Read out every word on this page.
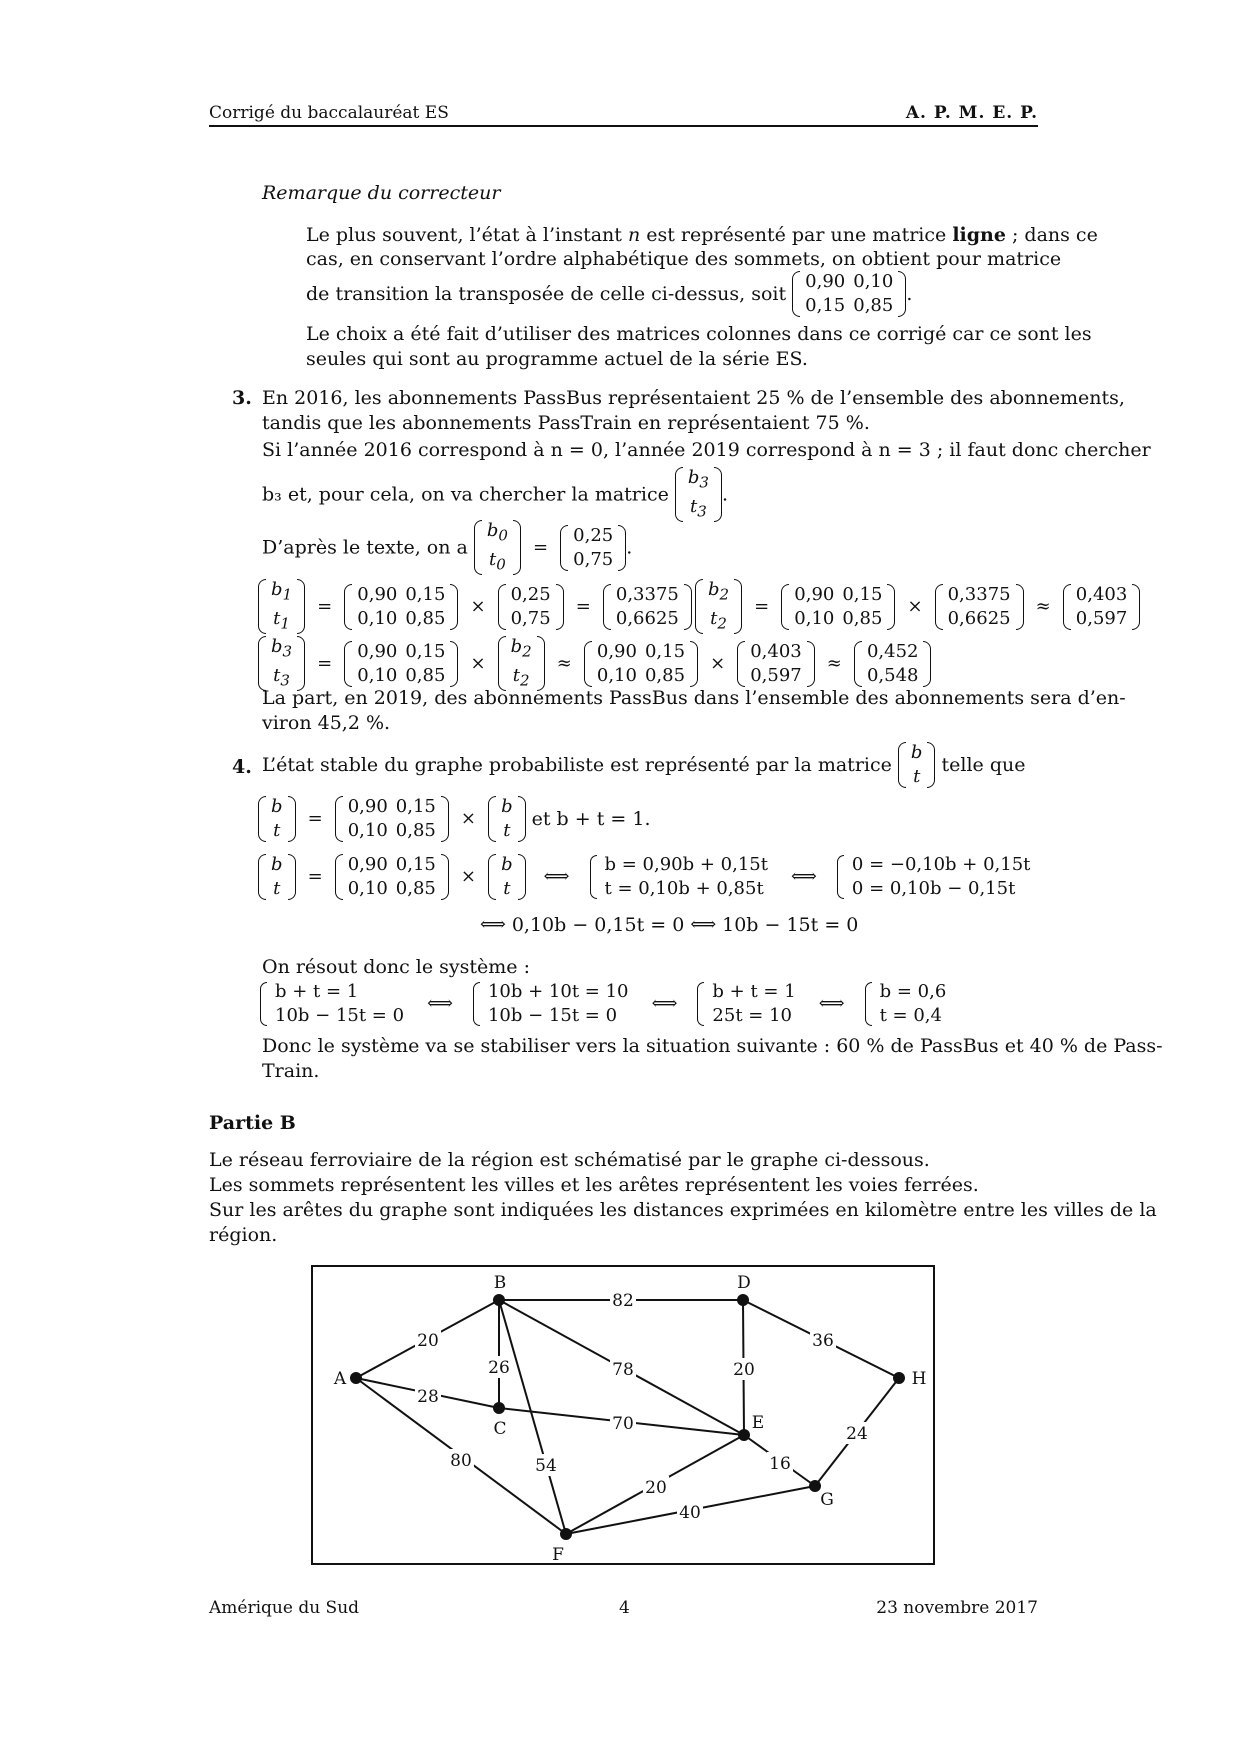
Corrigé du baccalauréat ES	A. P. M. E. P.
Remarque du correcteur
Le plus souvent, l’état à l’instant n est représenté par une matrice ligne ; dans ce
cas, en conservant l’ordre alphabétique des sommets, on obtient pour matrice
de transition la transposée de celle ci-dessus, soit
0,90	0,10
0,15	0,85
.
Le choix a été fait d’utiliser des matrices colonnes dans ce corrigé car ce sont les
seules qui sont au programme actuel de la série ES.
3. En 2016, les abonnements PassBus représentaient 25 % de l’ensemble des abonnements,
tandis que les abonnements PassTrain en représentaient 75 %.
Si l’année 2016 correspond à n = 0, l’année 2019 correspond à n = 3 ; il faut donc chercher
b₃ et, pour cela, on va chercher la matrice
$b_3$
$t_3$
.
D’après le texte, on a
$b_0$
$t_0$
=
0,25
0,75
.
$b_1$
$t_1$
=
0,90	0,15
0,10	0,85
×
0,25
0,75
=
0,3375
0,6625
$b_2$
$t_2$
=
0,90	0,15
0,10	0,85
×
0,3375
0,6625
≈
0,403
0,597
$b_3$
$t_3$
=
0,90	0,15
0,10	0,85
×
$b_2$
$t_2$
≈
0,90	0,15
0,10	0,85
×
0,403
0,597
≈
0,452
0,548
La part, en 2019, des abonnements PassBus dans l’ensemble des abonnements sera d’en-
viron 45,2 %.
4. L’état stable du graphe probabiliste est représenté par la matrice
b
t
telle que
b
t
=
0,90	0,15
0,10	0,85
×
b
t
et b + t = 1.
b
t
=
0,90	0,15
0,10	0,85
×
b
t
⟺
b = 0,90b + 0,15t
t = 0,10b + 0,85t
⟺
0 = −0,10b + 0,15t
0 = 0,10b − 0,15t
⟺ 0,10b − 0,15t = 0 ⟺ 10b − 15t = 0
On résout donc le système :
b + t = 1
10b − 15t = 0
⟺
10b + 10t = 10
10b − 15t = 0
⟺
b + t = 1
25t = 10
⟺
b = 0,6
t = 0,4
Donc le système va se stabiliser vers la situation suivante : 60 % de PassBus et 40 % de Pass-
Train.
Partie B
Le réseau ferroviaire de la région est schématisé par le graphe ci-dessous.
Les sommets représentent les villes et les arêtes représentent les voies ferrées.
Sur les arêtes du graphe sont indiquées les distances exprimées en kilomètre entre les villes de la
région.
20
28
80
26
82
78
54
70
20
36
20
16
40
24
A
B
C
D
E
F
G
H
Amérique du Sud	4	23 novembre 2017
